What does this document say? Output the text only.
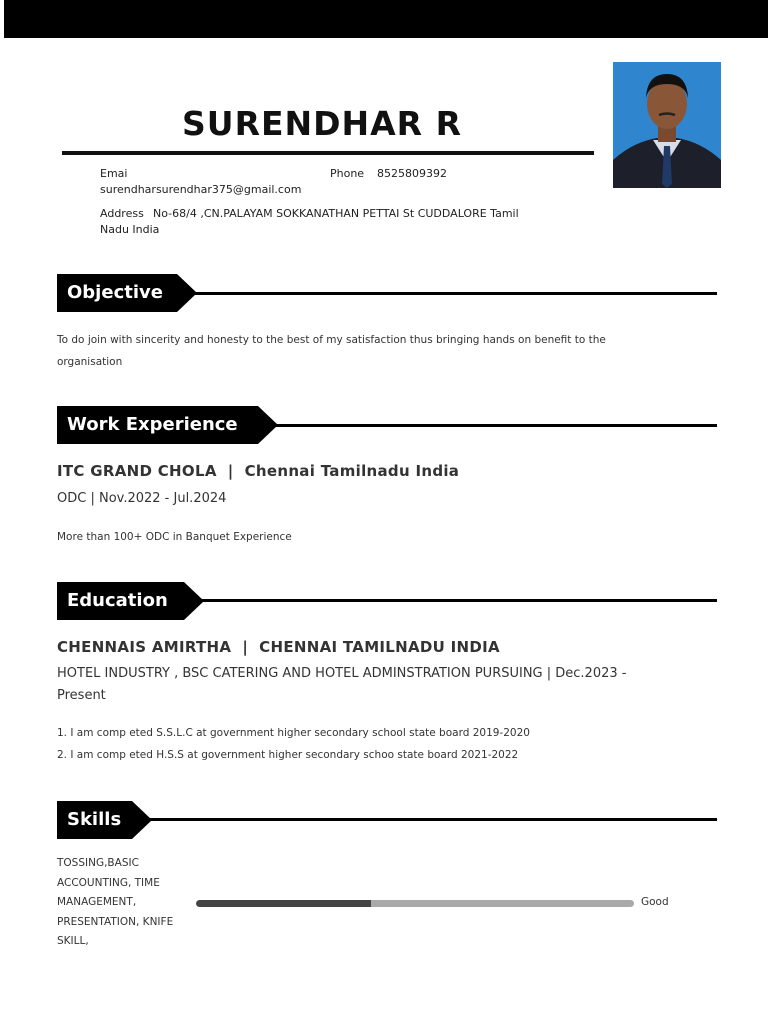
SURENDHAR R
Emai
surendharsurendhar375@gmail.com
Phone 8525809392
Address No-68/4 ,CN.PALAYAM SOKKANATHAN PETTAI St CUDDALORE Tamil
Nadu India
Objective
To do join with sincerity and honesty to the best of my satisfaction thus bringing hands on benefit to the
organisation
Work Experience
ITC GRAND CHOLA  |  Chennai Tamilnadu India
ODC | Nov.2022 - Jul.2024
More than 100+ ODC in Banquet Experience
Education
CHENNAIS AMIRTHA  |  CHENNAI TAMILNADU INDIA
HOTEL INDUSTRY , BSC CATERING AND HOTEL ADMINSTRATION PURSUING | Dec.2023 -
Present
1. I am comp eted S.S.L.C at government higher secondary school state board 2019-2020
2. I am comp eted H.S.S at government higher secondary schoo state board 2021-2022
Skills
TOSSING,BASIC
ACCOUNTING, TIME
MANAGEMENT,
PRESENTATION, KNIFE
SKILL,
Good
